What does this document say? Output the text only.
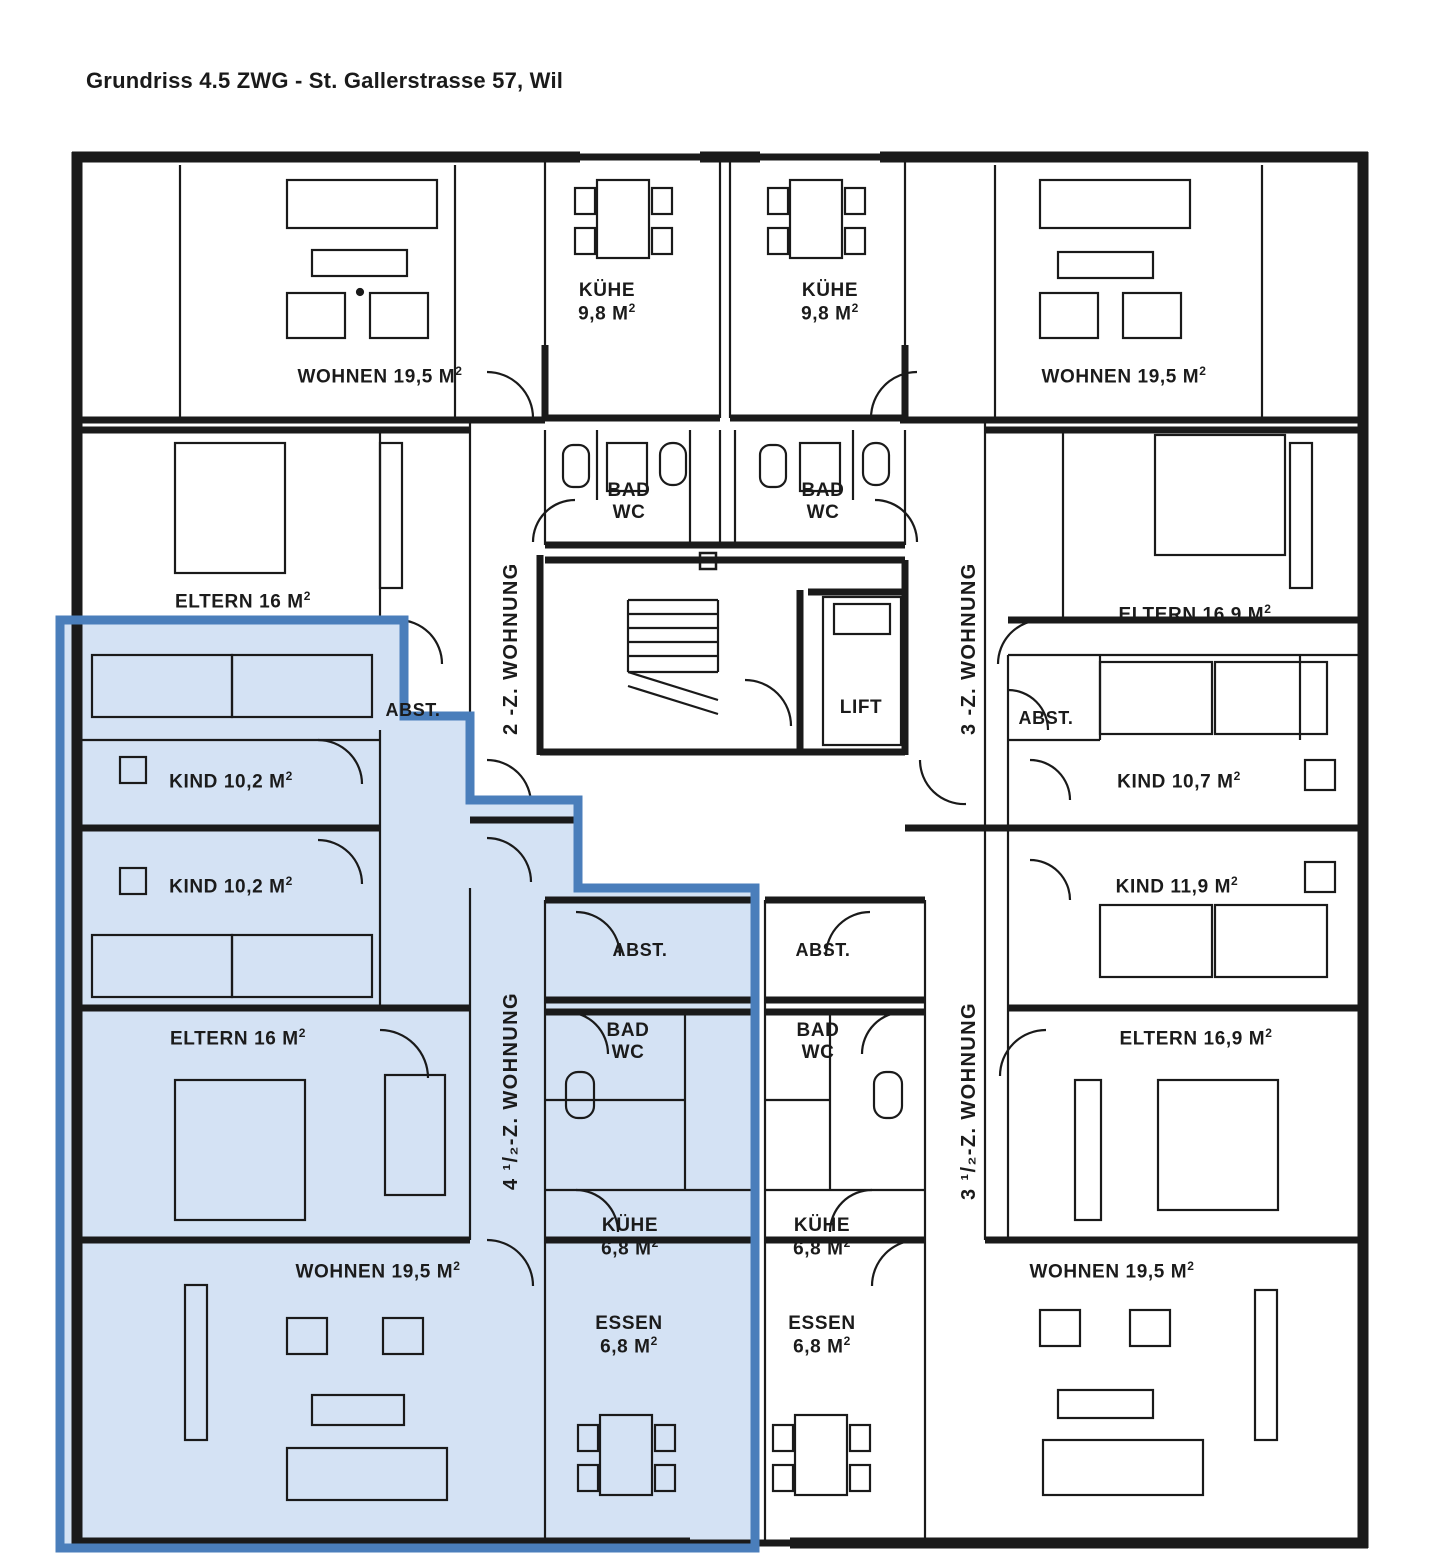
Grundriss 4.5 ZWG - St. Gallerstrasse 57, Wil
KÜHE
9,8 $M^2$
KÜHE
9,8 $M^2$
WOHNEN 19,5 $M^2$	WOHNEN 19,5 $M^2$
BAD
WC
BAD
WC
ELTERN 16 $M^2$
ELTERN 16,9 $M^2$
ABST.	ABST.
LIFT
KIND 10,2 $M^2$
KIND 10,2 $M^2$
KIND 10,7 $M^2$
KIND 11,9 $M^2$
ELTERN 16 $M^2$	ELTERN 16,9 $M^2$
ABST.	ABST.
BAD
WC
BAD
WC
WOHNEN 19,5 $M^2$	WOHNEN 19,5 $M^2$
KÜHE
6,8 $M^2$
KÜHE
6,8 $M^2$
ESSEN
6,8 $M^2$
ESSEN
6,8 $M^2$
2 -Z. WOHNUNG	3 -Z. WOHNUNG
4 ¹/₂-Z. WOHNUNG	3 ¹/₂-Z. WOHNUNG
